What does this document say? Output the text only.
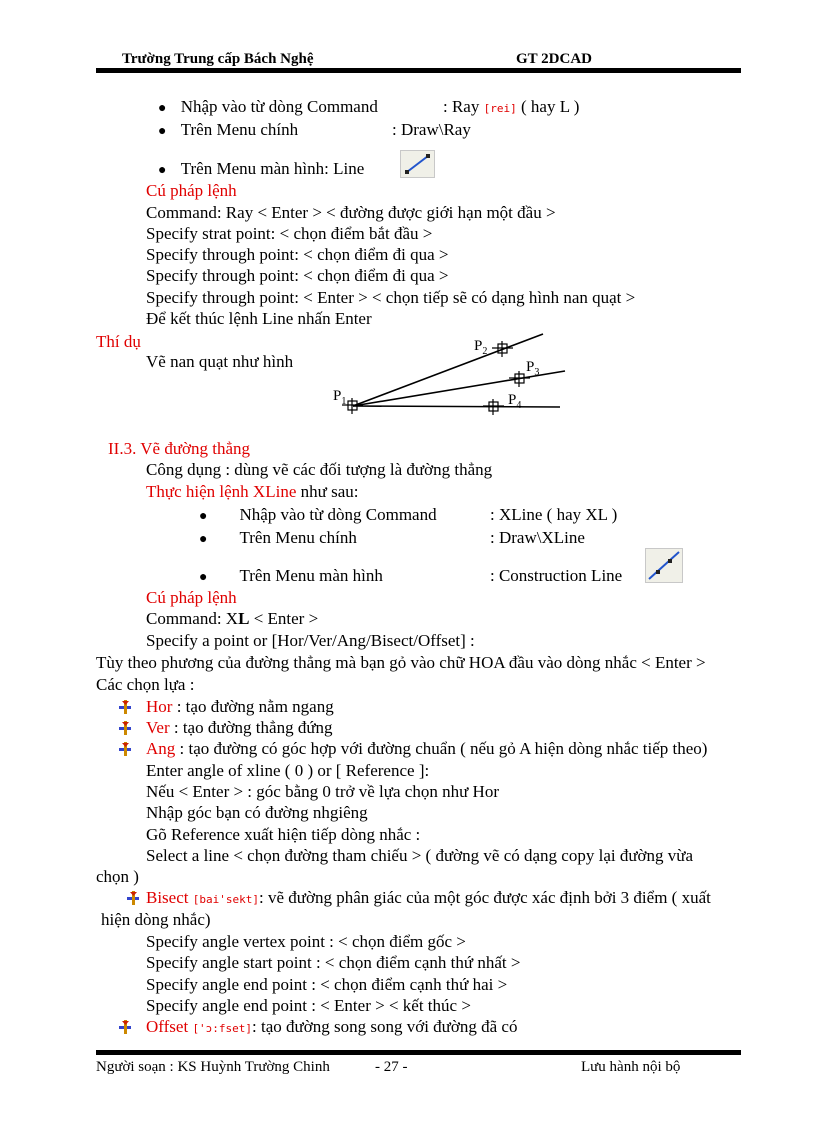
Trường Trung cấp Bách Nghệ	GT 2DCAD
● Nhập vào từ dòng Command	: Ray [rei] ( hay L )
● Trên Menu chính	: Draw\Ray
● Trên Menu màn hình: Line
Cú pháp lệnh
Command: Ray < Enter > < đường được giới hạn một đầu >
Specify strat point: < chọn điểm bắt đầu >
Specify through point: < chọn điểm đi qua >
Specify through point: < chọn điểm đi qua >
Specify through point: < Enter > < chọn tiếp sẽ có dạng hình nan quạt >
Để kết thúc lệnh Line nhấn Enter
Thí dụ
Vẽ nan quạt như hình
$P_1$
$P_2$
$P_3$
$P_4$
II.3. Vẽ đường thẳng
Công dụng : dùng vẽ các đối tượng là đường thẳng
Thực hiện lệnh XLine như sau:
● Nhập vào từ dòng Command	: XLine ( hay XL )
● Trên Menu chính	: Draw\XLine
● Trên Menu màn hình	: Construction Line
Cú pháp lệnh
Command: XL < Enter >
Specify a point or [Hor/Ver/Ang/Bisect/Offset] :
Tùy theo phương của đường thẳng mà bạn gỏ vào chữ HOA đầu vào dòng nhắc < Enter >
Các chọn lựa :
Hor : tạo đường nằm ngang
Ver : tạo đường thẳng đứng
Ang : tạo đường có góc hợp với đường chuẩn ( nếu gỏ A hiện dòng nhắc tiếp theo)
Enter angle of xline ( 0 ) or [ Reference ]:
Nếu < Enter > : góc bằng 0 trở về lựa chọn như Hor
Nhập góc bạn có đường nhgiêng
Gõ Reference xuất hiện tiếp dòng nhắc :
Select a line < chọn đường tham chiếu > ( đường vẽ có dạng copy lại đường vừa
chọn )
Bisect [bai'sekt]: vẽ đường phân giác của một góc được xác định bởi 3 điểm ( xuất
hiện dòng nhắc)
Specify angle vertex point : < chọn điểm gốc >
Specify angle start point : < chọn điểm cạnh thứ nhất >
Specify angle end point : < chọn điểm cạnh thứ hai >
Specify angle end point : < Enter > < kết thúc >
Offset ['ɔ:fset]: tạo đường song song với đường đã có
Người soạn : KS Huỳnh Trường Chinh	- 27 -	Lưu hành nội bộ
